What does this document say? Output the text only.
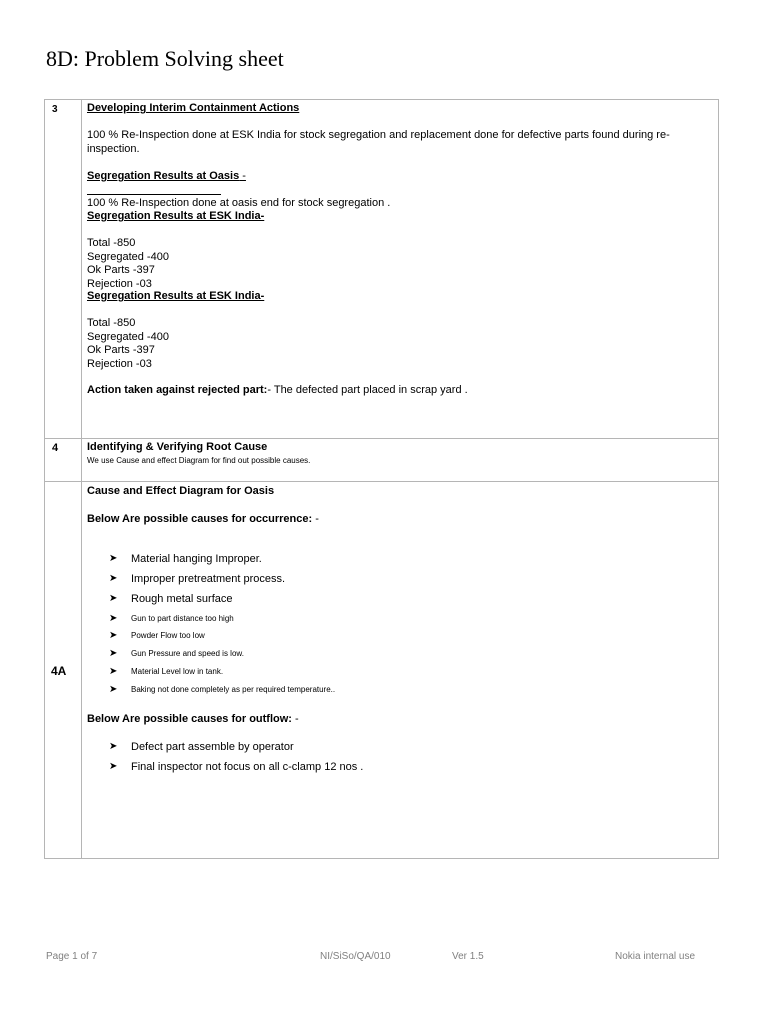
8D: Problem Solving sheet
3	Developing Interim Containment Actions
100 % Re-Inspection done at ESK India for stock segregation and replacement done for defective parts found during re-inspection.
Segregation Results at Oasis -
100 % Re-Inspection done at oasis end for stock segregation .
Segregation Results at ESK India-
Total -850
Segregated -400
Ok Parts -397
Rejection -03
Segregation Results at ESK India-
Total -850
Segregated -400
Ok Parts -397
Rejection -03
Action taken against rejected part:- The defected part placed in scrap yard .
4	Identifying & Verifying Root Cause
We use Cause and effect Diagram for find out possible causes.
4A
Cause and Effect Diagram for Oasis
Below Are possible causes for occurrence: -
➤ Material hanging Improper.
➤ Improper pretreatment process.
➤ Rough metal surface
➤ Gun to part distance too high
➤ Powder Flow too low
➤ Gun Pressure and speed is low.
➤ Material Level low in tank.
➤ Baking not done completely as per required temperature..
Below Are possible causes for outflow: -
➤ Defect part assemble by operator
➤ Final inspector not focus on all c-clamp 12 nos .
Page 1 of 7	NI/SiSo/QA/010	Ver 1.5	Nokia internal use
